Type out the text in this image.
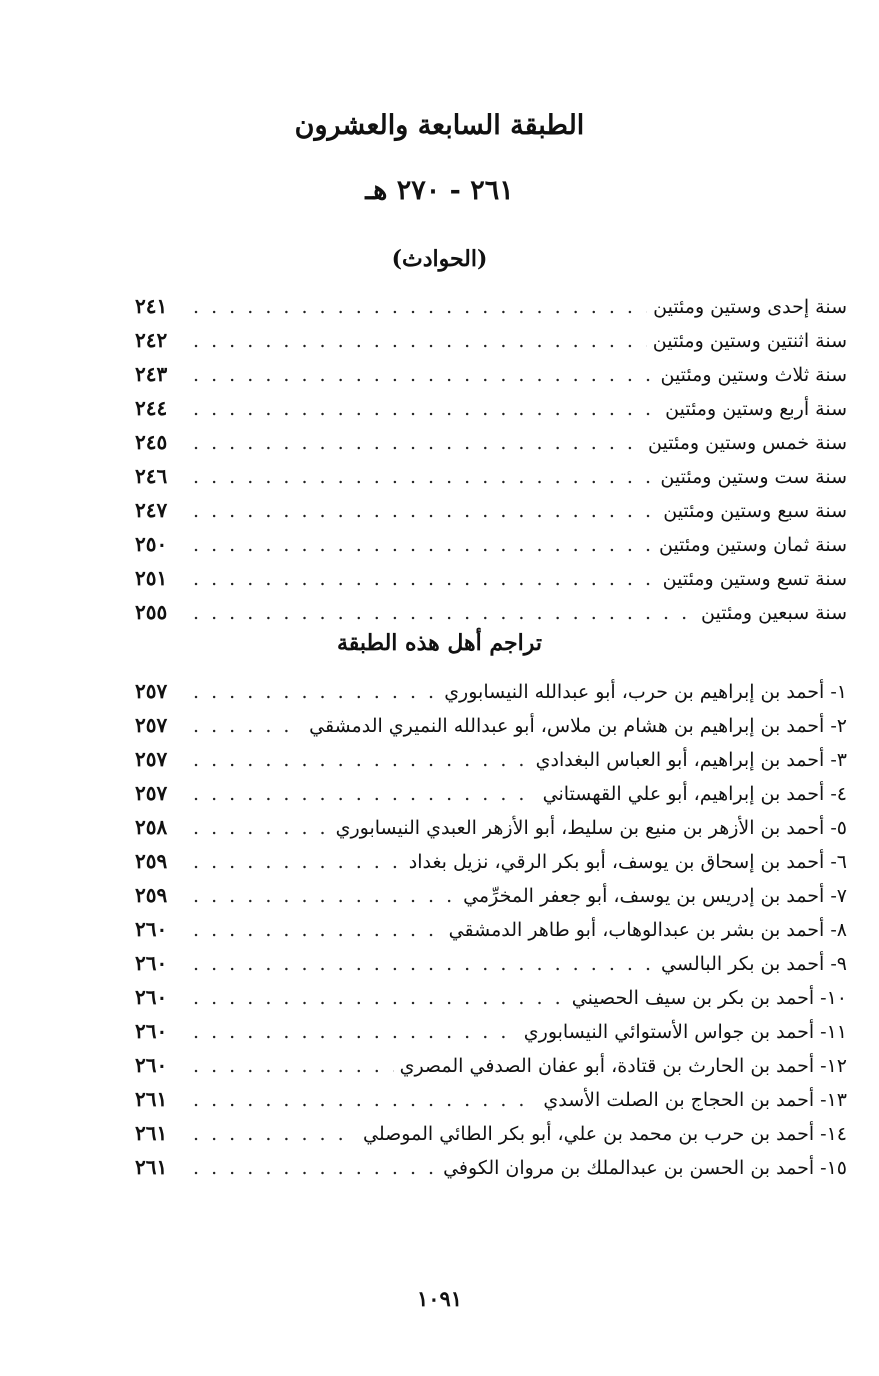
الطبقة السابعة والعشرون
٢٦١ - ٢٧٠ هـ
(الحوادث)
سنة إحدى وستين ومئتين
. . .
٢٤١
سنة اثنتين وستين ومئتين
. . .
٢٤٢
سنة ثلاث وستين ومئتين
. . .
٢٤٣
سنة أربع وستين ومئتين
. . .
٢٤٤
سنة خمس وستين ومئتين
. . .
٢٤٥
سنة ست وستين ومئتين
. . .
٢٤٦
سنة سبع وستين ومئتين
. . .
٢٤٧
سنة ثمان وستين ومئتين
. . .
٢٥٠
سنة تسع وستين ومئتين
. . .
٢٥١
سنة سبعين ومئتين
. . .
٢٥٥
تراجم أهل هذه الطبقة
١- أحمد بن إبراهيم بن حرب، أبو عبدالله النيسابوري
. . .
٢٥٧
٢- أحمد بن إبراهيم بن هشام بن ملاس، أبو عبدالله النميري الدمشقي
. . .
٢٥٧
٣- أحمد بن إبراهيم، أبو العباس البغدادي
. . .
٢٥٧
٤- أحمد بن إبراهيم، أبو علي القهستاني
. . .
٢٥٧
٥- أحمد بن الأزهر بن منيع بن سليط، أبو الأزهر العبدي النيسابوري
. . .
٢٥٨
٦- أحمد بن إسحاق بن يوسف، أبو بكر الرقي، نزيل بغداد
. . .
٢٥٩
٧- أحمد بن إدريس بن يوسف، أبو جعفر المخرِّمي
. . .
٢٥٩
٨- أحمد بن بشر بن عبدالوهاب، أبو طاهر الدمشقي
. . .
٢٦٠
٩- أحمد بن بكر البالسي
. . .
٢٦٠
١٠- أحمد بن بكر بن سيف الحصيني
. . .
٢٦٠
١١- أحمد بن جواس الأستوائي النيسابوري
. . .
٢٦٠
١٢- أحمد بن الحارث بن قتادة، أبو عفان الصدفي المصري
. . .
٢٦٠
١٣- أحمد بن الحجاج بن الصلت الأسدي
. . .
٢٦١
١٤- أحمد بن حرب بن محمد بن علي، أبو بكر الطائي الموصلي
. . .
٢٦١
١٥- أحمد بن الحسن بن عبدالملك بن مروان الكوفي
. . .
٢٦١
١٠٩١
